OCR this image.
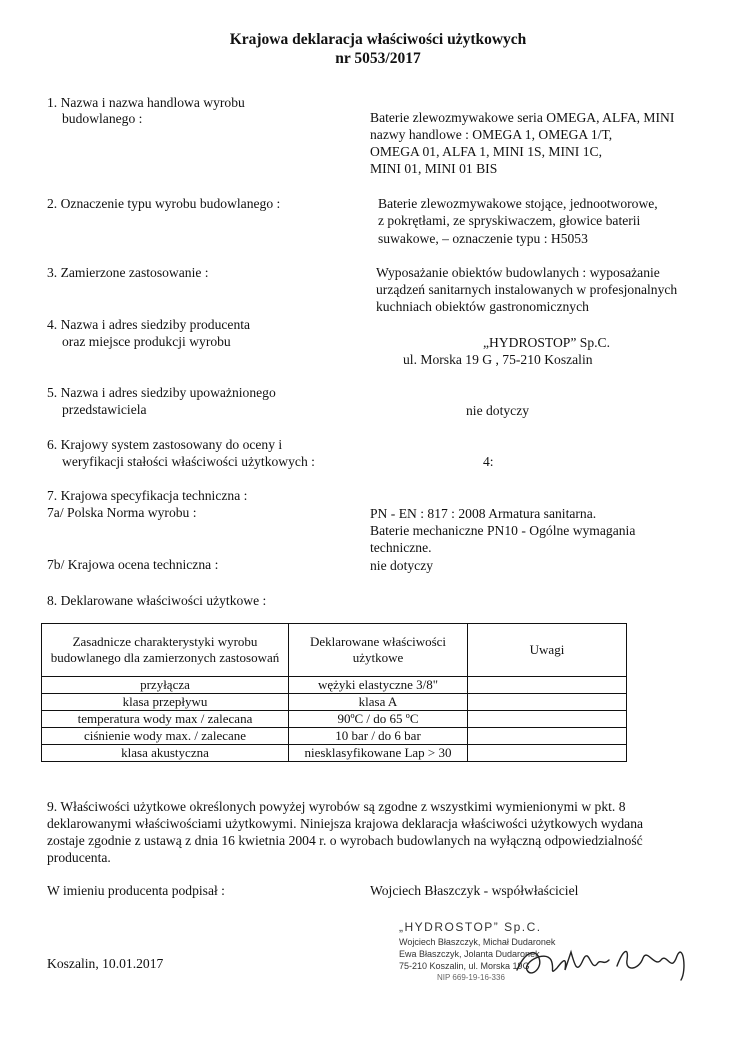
Krajowa deklaracja właściwości użytkowych
nr 5053/2017
1. Nazwa i nazwa handlowa wyrobu
budowlanego :	Baterie zlewozmywakowe seria OMEGA, ALFA, MINI
nazwy handlowe : OMEGA 1, OMEGA 1/T,
OMEGA 01, ALFA 1, MINI 1S, MINI 1C,
MINI 01, MINI 01 BIS
2. Oznaczenie typu wyrobu budowlanego :	Baterie zlewozmywakowe stojące, jednootworowe,
z pokrętłami, ze spryskiwaczem, głowice baterii
suwakowe, – oznaczenie typu : H5053
3. Zamierzone zastosowanie :	Wyposażanie obiektów budowlanych : wyposażanie
urządzeń sanitarnych instalowanych w profesjonalnych
kuchniach obiektów gastronomicznych
4. Nazwa i adres siedziby producenta
oraz miejsce produkcji wyrobu	„HYDROSTOP” Sp.C.
ul. Morska 19 G , 75-210 Koszalin
5. Nazwa i adres siedziby upoważnionego
przedstawiciela	nie dotyczy
6. Krajowy system zastosowany do oceny i
weryfikacji stałości właściwości użytkowych :	4:
7. Krajowa specyfikacja techniczna :
7a/ Polska Norma wyrobu :	PN - EN : 817 : 2008 Armatura sanitarna.
Baterie mechaniczne PN10 - Ogólne wymagania
techniczne.
7b/ Krajowa ocena techniczna :	nie dotyczy
8. Deklarowane właściwości użytkowe :
Zasadnicze charakterystyki wyrobu budowlanego dla zamierzonych zastosowań	Deklarowane właściwości użytkowe	Uwagi
przyłącza	wężyki elastyczne 3/8"	
klasa przepływu	klasa A	
temperatura wody max / zalecana	90ºC / do 65 ºC	
ciśnienie wody max. / zalecane	10 bar / do 6 bar	
klasa akustyczna	niesklasyfikowane Lap > 30	
9. Właściwości użytkowe określonych powyżej wyrobów są zgodne z wszystkimi wymienionymi w pkt. 8
deklarowanymi właściwościami użytkowymi. Niniejsza krajowa deklaracja właściwości użytkowych wydana
zostaje zgodnie z ustawą z dnia 16 kwietnia 2004 r. o wyrobach budowlanych na wyłączną odpowiedzialność
producenta.
W imieniu producenta podpisał :	Wojciech Błaszczyk - współwłaściciel
Koszalin, 10.01.2017
„HYDROSTOP” Sp.C.
Wojciech Błaszczyk, Michał Dudaronek
Ewa Błaszczyk, Jolanta Dudaronek
75-210 Koszalin, ul. Morska 19G
NIP 669-19-16-336
